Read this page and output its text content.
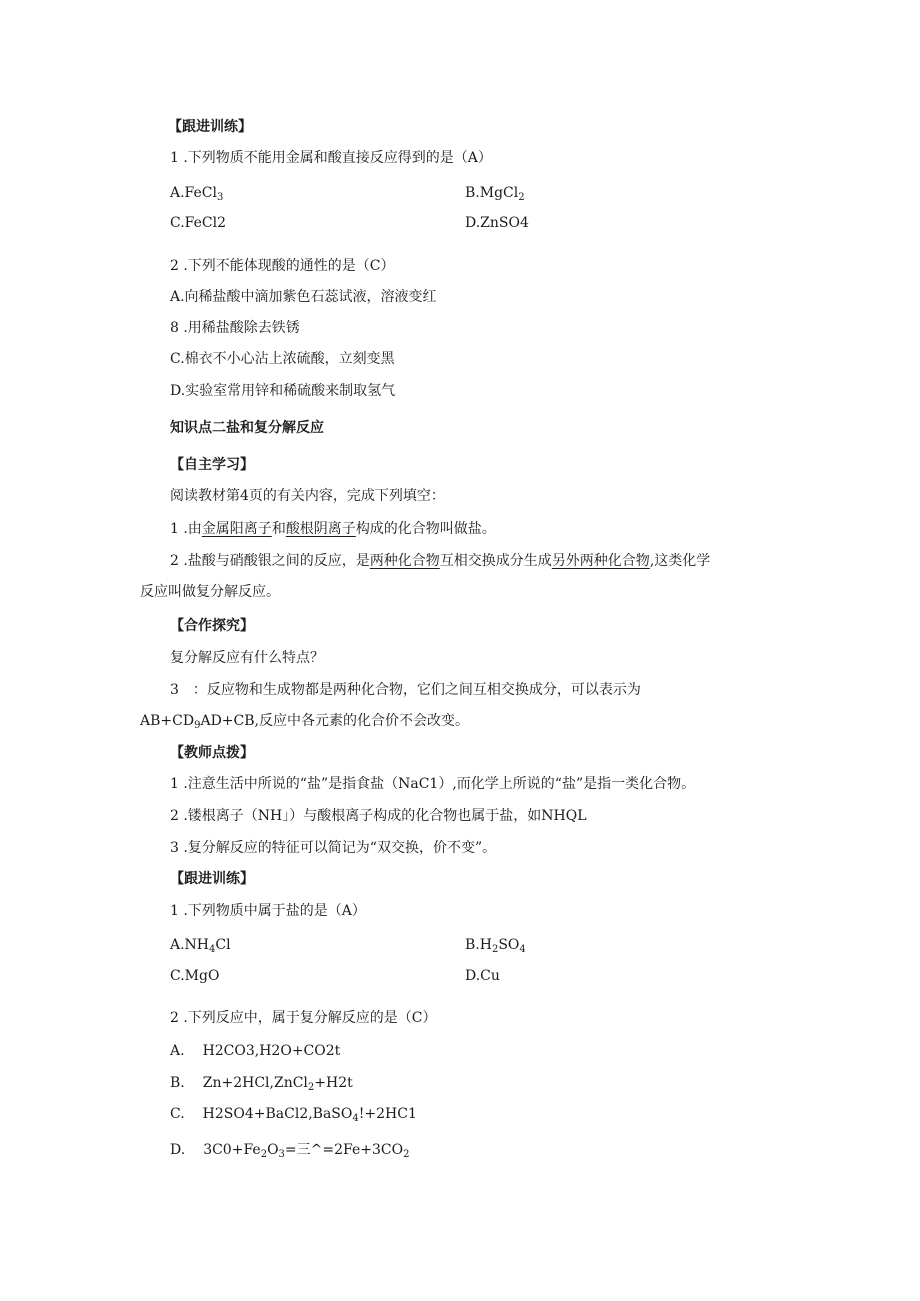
【跟进训练】
1 .下列物质不能用金属和酸直接反应得到的是（A）
A.FeCl$_3$	B.MgCl$_2$
C.FeCl2	D.ZnSO4
2 .下列不能体现酸的通性的是（C）
A.向稀盐酸中滴加紫色石蕊试液，溶液变红
8 .用稀盐酸除去铁锈
C.棉衣不小心沾上浓硫酸，立刻变黑
D.实验室常用锌和稀硫酸来制取氢气
知识点二盐和复分解反应
【自主学习】
阅读教材第4页的有关内容，完成下列填空：
1 .由金属阳离子和酸根阴离子构成的化合物叫做盐。
2 .盐酸与硝酸银之间的反应，是两种化合物互相交换成分生成另外两种化合物,这类化学
反应叫做复分解反应。
【合作探究】
复分解反应有什么特点？
3　：反应物和生成物都是两种化合物，它们之间互相交换成分，可以表示为
$AB+CD_9AD+CB$,反应中各元素的化合价不会改变。
【教师点拨】
1 .注意生活中所说的“盐”是指食盐（NaC1）,而化学上所说的“盐”是指一类化合物。
2 .镂根离子（NH」）与酸根离子构成的化合物也属于盐，如NHQL
3 .复分解反应的特征可以简记为“双交换，价不变”。
【跟进训练】
1 .下列物质中属于盐的是（A）
$A.NH_4Cl$	$B.H_2SO_4$
C.MgO	D.Cu
2 .下列反应中，属于复分解反应的是（C）
A. H2CO3,H2O+CO2t
B. Zn+2HCl,ZnCl$_2$+H2t
C. H2SO4+BaCl2,BaSO$_4$!+2HC1
D. $3C0+Fe_2O_3=$三$\^{}=2Fe+3CO_2$
